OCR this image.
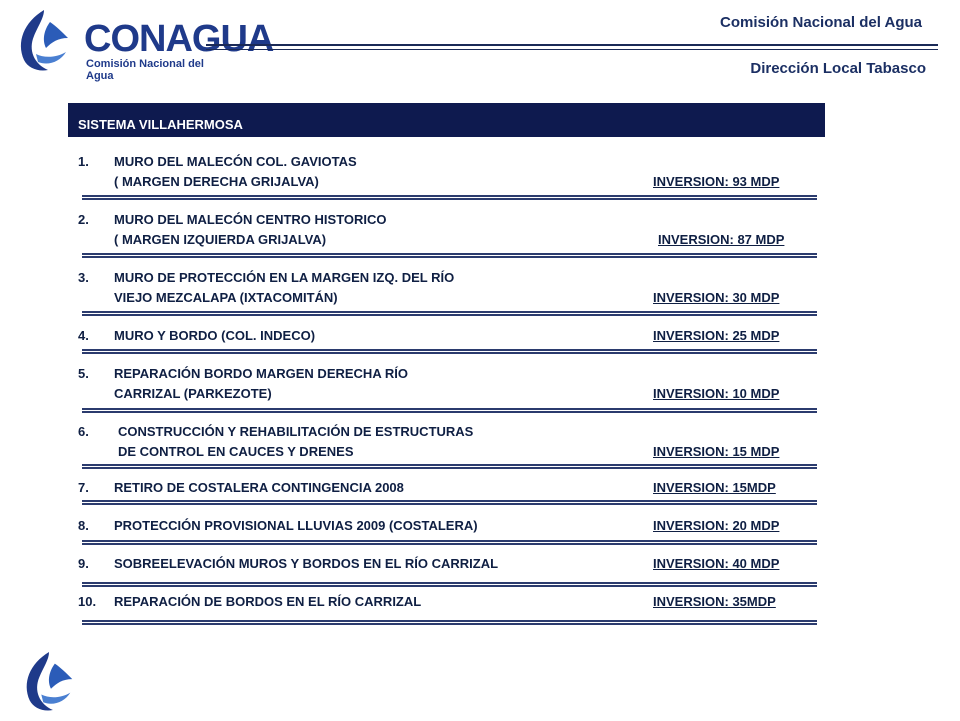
CONAGUA
Comisión Nacional del Agua
Comisión Nacional del Agua
Dirección Local Tabasco
SISTEMA VILLAHERMOSA
1. MURO DEL MALECÓN COL. GAVIOTAS
( MARGEN DERECHA GRIJALVA)	INVERSION: 93 MDP
2. MURO DEL MALECÓN CENTRO HISTORICO
( MARGEN IZQUIERDA GRIJALVA)	INVERSION: 87 MDP
3. MURO DE PROTECCIÓN EN LA MARGEN IZQ. DEL RÍO
VIEJO MEZCALAPA (IXTACOMITÁN)	INVERSION: 30 MDP
4. MURO Y BORDO (COL. INDECO)	INVERSION: 25 MDP
5. REPARACIÓN BORDO MARGEN DERECHA RÍO
CARRIZAL (PARKEZOTE)	INVERSION: 10 MDP
6. CONSTRUCCIÓN Y REHABILITACIÓN DE ESTRUCTURAS
DE CONTROL EN CAUCES Y DRENES	INVERSION: 15 MDP
7. RETIRO DE COSTALERA CONTINGENCIA 2008	INVERSION: 15MDP
8. PROTECCIÓN PROVISIONAL LLUVIAS 2009 (COSTALERA)	INVERSION: 20 MDP
9. SOBREELEVACIÓN MUROS Y BORDOS EN EL RÍO CARRIZAL	INVERSION: 40 MDP
10. REPARACIÓN DE BORDOS EN EL RÍO CARRIZAL	INVERSION: 35MDP
